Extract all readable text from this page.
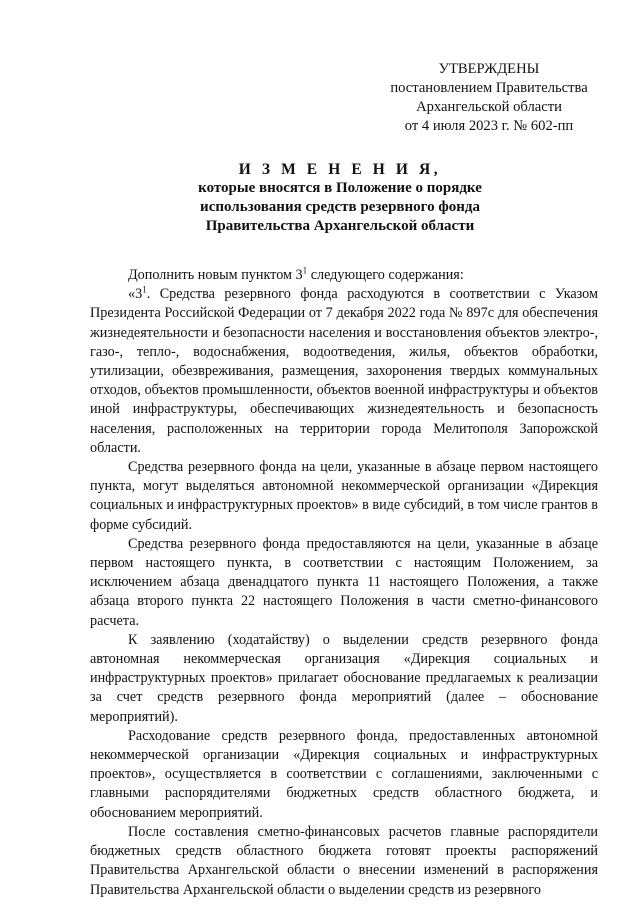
УТВЕРЖДЕНЫ
постановлением Правительства
Архангельской области
от 4 июля 2023 г. № 602-пп
И З М Е Н Е Н И Я,
которые вносятся в Положение о порядке
использования средств резервного фонда
Правительства Архангельской области

Дополнить новым пунктом $3^1$ следующего содержания:

«$3^1$. Средства резервного фонда расходуются в соответствии с Указом Президента Российской Федерации от 7 декабря 2022 года № 897с для обеспечения жизнедеятельности и безопасности населения и восстановления объектов электро-, газо-, тепло-, водоснабжения, водоотведения, жилья, объектов обработки, утилизации, обезвреживания, размещения, захоронения твердых коммунальных отходов, объектов промышленности, объектов военной инфраструктуры и объектов иной инфраструктуры, обеспечивающих жизнедеятельность и безопасность населения, расположенных на территории города Мелитополя Запорожской области.

Средства резервного фонда на цели, указанные в абзаце первом настоящего пункта, могут выделяться автономной некоммерческой организации «Дирекция социальных и инфраструктурных проектов» в виде субсидий, в том числе грантов в форме субсидий.

Средства резервного фонда предоставляются на цели, указанные в абзаце первом настоящего пункта, в соответствии с настоящим Положением, за исключением абзаца двенадцатого пункта 11 настоящего Положения, а также абзаца второго пункта 22 настоящего Положения в части сметно-финансового расчета.

К заявлению (ходатайству) о выделении средств резервного фонда автономная некоммерческая организация «Дирекция социальных и инфраструктурных проектов» прилагает обоснование предлагаемых к реализации за счет средств резервного фонда мероприятий (далее – обоснование мероприятий).

Расходование средств резервного фонда, предоставленных автономной некоммерческой организации «Дирекция социальных и инфраструктурных проектов», осуществляется в соответствии с соглашениями, заключенными с главными распорядителями бюджетных средств областного бюджета, и обоснованием мероприятий.

После составления сметно-финансовых расчетов главные распорядители бюджетных средств областного бюджета готовят проекты распоряжений Правительства Архангельской области о внесении изменений в распоряжения Правительства Архангельской области о выделении средств из резервного
